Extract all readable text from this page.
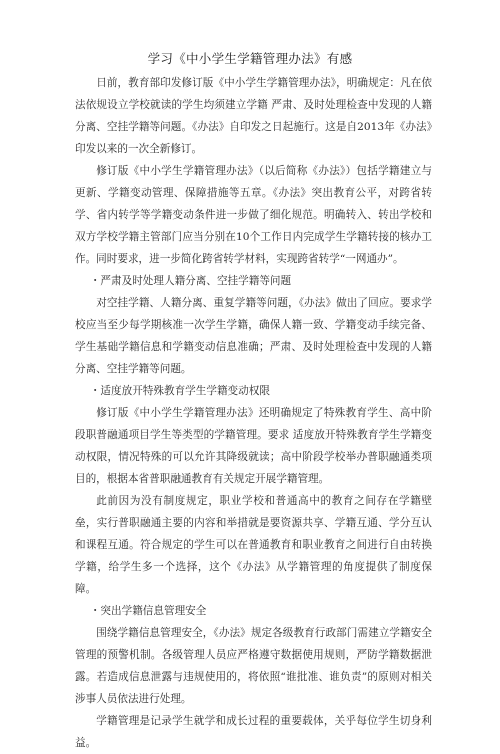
学习《中小学生学籍管理办法》有感

日前，教育部印发修订版《中小学生学籍管理办法》，明确规定：凡在依法依规设立学校就读的学生均须建立学籍 严肃、及时处理检查中发现的人籍分离、空挂学籍等问题。《办法》自印发之日起施行。这是自2013年《办法》印发以来的一次全新修订。

修订版《中小学生学籍管理办法》（以后简称《办法》）包括学籍建立与更新、学籍变动管理、保障措施等五章。《办法》突出教育公平，对跨省转学、省内转学等学籍变动条件进一步做了细化规范。明确转入、转出学校和双方学校学籍主管部门应当分别在10个工作日内完成学生学籍转接的核办工作。同时要求，进一步简化跨省转学材料，实现跨省转学“一网通办”。

・严肃及时处理人籍分离、空挂学籍等问题

对空挂学籍、人籍分离、重复学籍等问题，《办法》做出了回应。要求学校应当至少每学期核准一次学生学籍，确保人籍一致、学籍变动手续完备、学生基础学籍信息和学籍变动信息准确；严肃、及时处理检查中发现的人籍分离、空挂学籍等问题。

・适度放开特殊教育学生学籍变动权限

修订版《中小学生学籍管理办法》还明确规定了特殊教育学生、高中阶段职普融通项目学生等类型的学籍管理。要求 适度放开特殊教育学生学籍变动权限，情况特殊的可以允许其降级就读；高中阶段学校举办普职融通类项目的，根据本省普职融通教育有关规定开展学籍管理。

此前因为没有制度规定，职业学校和普通高中的教育之间存在学籍壁垒，实行普职融通主要的内容和举措就是要资源共享、学籍互通、学分互认和课程互通。符合规定的学生可以在普通教育和职业教育之间进行自由转换学籍，给学生多一个选择，这个《办法》从学籍管理的角度提供了制度保障。

・突出学籍信息管理安全

围绕学籍信息管理安全，《办法》规定各级教育行政部门需建立学籍安全管理的预警机制。各级管理人员应严格遵守数据使用规则，严防学籍数据泄露。若造成信息泄露与违规使用的，将依照“谁批准、谁负责”的原则对相关涉事人员依法进行处理。

学籍管理是记录学生就学和成长过程的重要载体，关乎每位学生切身利益。
